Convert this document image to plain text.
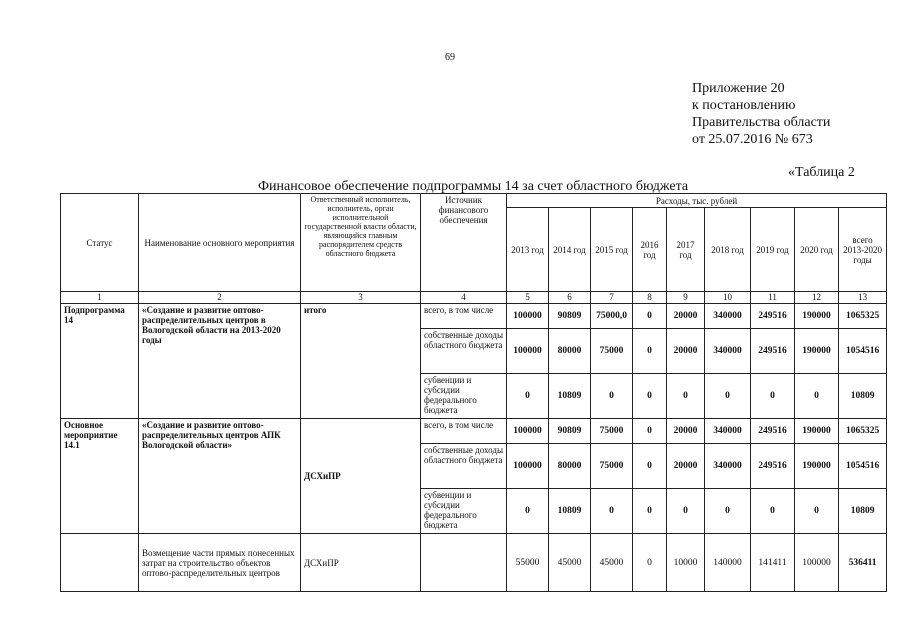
69
Приложение 20
к постановлению
Правительства области
от 25.07.2016 № 673
«Таблица 2
Финансовое обеспечение подпрограммы 14 за счет областного бюджета
Статус	Наименование основного мероприятия	Ответственный исполнитель, исполнитель, орган исполнительной государственной власти области, являющийся главным распорядителем средств областного бюджета	Источник финансового обеспечения	Расходы, тыс. рублей								
				2013 год	2014 год	2015 год	2016 год	2017 год	2018 год	2019 год	2020 год	всего 2013-2020 годы
1	2	3	4	5	6	7	8	9	10	11	12	13
Подпрограмма 14	«Создание и развитие оптово-распределительных центров в Вологодской области на 2013-2020 годы	итого	всего, в том числе	100000	90809	75000,0	0	20000	340000	249516	190000	1065325
			собственные доходы областного бюджета	100000	80000	75000	0	20000	340000	249516	190000	1054516
			субвенции и субсидии федерального бюджета	0	10809	0	0	0	0	0	0	10809
Основное мероприятие 14.1	«Создание и развитие оптово-распределительных центров АПК Вологодской области»	ДСХиПР	всего, в том числе	100000	90809	75000	0	20000	340000	249516	190000	1065325
			собственные доходы областного бюджета	100000	80000	75000	0	20000	340000	249516	190000	1054516
			субвенции и субсидии федерального бюджета	0	10809	0	0	0	0	0	0	10809
	Возмещение части прямых понесенных затрат на строительство объектов оптово-распределительных центров	ДСХиПР		55000	45000	45000	0	10000	140000	141411	100000	536411
